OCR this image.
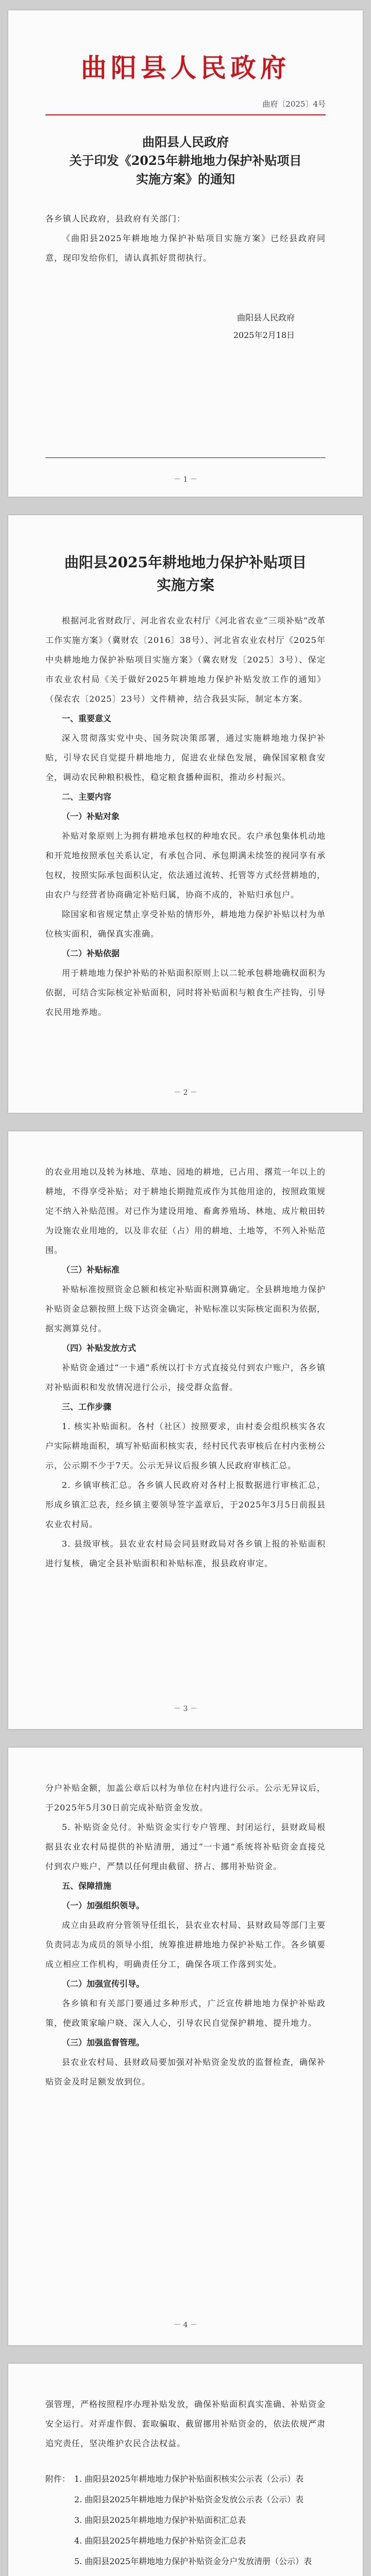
曲阳县人民政府
曲府〔2025〕4号
曲阳县人民政府
关于印发《2025年耕地地力保护补贴项目
实施方案》的通知
各乡镇人民政府，县政府有关部门：
《曲阳县2025年耕地地力保护补贴项目实施方案》已经县政府同意，现印发给你们，请认真抓好贯彻执行。
曲阳县人民政府
2025年2月18日
－ 1 －
曲阳县2025年耕地地力保护补贴项目
实施方案
根据河北省财政厅、河北省农业农村厅《河北省农业“三项补贴”改革工作实施方案》（冀财农〔2016〕38号）、河北省农业农村厅《2025年中央耕地地力保护补贴项目实施方案》（冀农财发〔2025〕3号）、保定市农业农村局《关于做好2025年耕地地力保护补贴发放工作的通知》（保农农〔2025〕23号）文件精神，结合我县实际，制定本方案。
一、重要意义
深入贯彻落实党中央、国务院决策部署，通过实施耕地地力保护补贴，引导农民自觉提升耕地地力，促进农业绿色发展，确保国家粮食安全，调动农民种粮积极性，稳定粮食播种面积，推动乡村振兴。
二、主要内容
（一）补贴对象
补贴对象原则上为拥有耕地承包权的种地农民。农户承包集体机动地和开荒地按照承包关系认定，有承包合同、承包期满未续签的视同享有承包权，按照实际承包面积认定，依法通过流转、托管等方式经营耕地的，由农户与经营者协商确定补贴归属，协商不成的，补贴归承包户。
除国家和省规定禁止享受补贴的情形外，耕地地力保护补贴以村为单位核实面积，确保真实准确。
（二）补贴依据
用于耕地地力保护补贴的补贴面积原则上以二轮承包耕地确权面积为依据，可结合实际核定补贴面积，同时将补贴面积与粮食生产挂钩，引导农民用地养地。
－ 2 －
的农业用地以及转为林地、草地、园地的耕地，已占用、撂荒一年以上的耕地，不得享受补贴；对于耕地长期抛荒或作为其他用途的，按照政策规定不纳入补贴范围。对已作为建设用地、畜禽养殖场、林地、成片粮田转为设施农业用地的，以及非农征（占）用的耕地、土地等，不列入补贴范围。
（三）补贴标准
补贴标准按照资金总额和核定补贴面积测算确定。全县耕地地力保护补贴资金总额按照上级下达资金确定，补贴标准以实际核定面积为依据，据实测算兑付。
（四）补贴发放方式
补贴资金通过“一卡通”系统以打卡方式直接兑付到农户账户，各乡镇对补贴面积和发放情况进行公示，接受群众监督。
三、工作步骤
1. 核实补贴面积。各村（社区）按照要求，由村委会组织核实各农户实际耕地面积，填写补贴面积核实表，经村民代表审核后在村内张榜公示，公示期不少于7天。公示无异议后报乡镇人民政府审核汇总。
2. 乡镇审核汇总。各乡镇人民政府对各村上报数据进行审核汇总，形成乡镇汇总表，经乡镇主要领导签字盖章后，于2025年3月5日前报县农业农村局。
3. 县级审核。县农业农村局会同县财政局对各乡镇上报的补贴面积进行复核，确定全县补贴面积和补贴标准，报县政府审定。
－ 3 －
分户补贴金额，加盖公章后以村为单位在村内进行公示。公示无异议后，于2025年5月30日前完成补贴资金发放。
5. 补贴资金兑付。补贴资金实行专户管理、封闭运行，县财政局根据县农业农村局提供的补贴清册，通过“一卡通”系统将补贴资金直接兑付到农户账户，严禁以任何理由截留、挤占、挪用补贴资金。
五、保障措施
（一）加强组织领导。
成立由县政府分管领导任组长，县农业农村局、县财政局等部门主要负责同志为成员的领导小组，统筹推进耕地地力保护补贴工作。各乡镇要成立相应工作机构，明确责任分工，确保各项工作落到实处。
（二）加强宣传引导。
各乡镇和有关部门要通过多种形式，广泛宣传耕地地力保护补贴政策，使政策家喻户晓、深入人心，引导农民自觉保护耕地、提升地力。
（三）加强监督管理。
县农业农村局、县财政局要加强对补贴资金发放的监督检查，确保补贴资金及时足额发放到位。
－ 4 －
强管理，严格按照程序办理补贴发放，确保补贴面积真实准确、补贴资金安全运行。对弄虚作假、套取骗取、截留挪用补贴资金的，依法依规严肃追究责任，坚决维护农民合法权益。
附件： 1. 曲阳县2025年耕地地力保护补贴面积核实公示表（公示）表
2. 曲阳县2025年耕地地力保护补贴资金发放公示表（公示）表
3. 曲阳县2025年耕地地力保护补贴面积汇总表
4. 曲阳县2025年耕地地力保护补贴资金汇总表
5. 曲阳县2025年耕地地力保护补贴资金分户发放清册（公示）表
